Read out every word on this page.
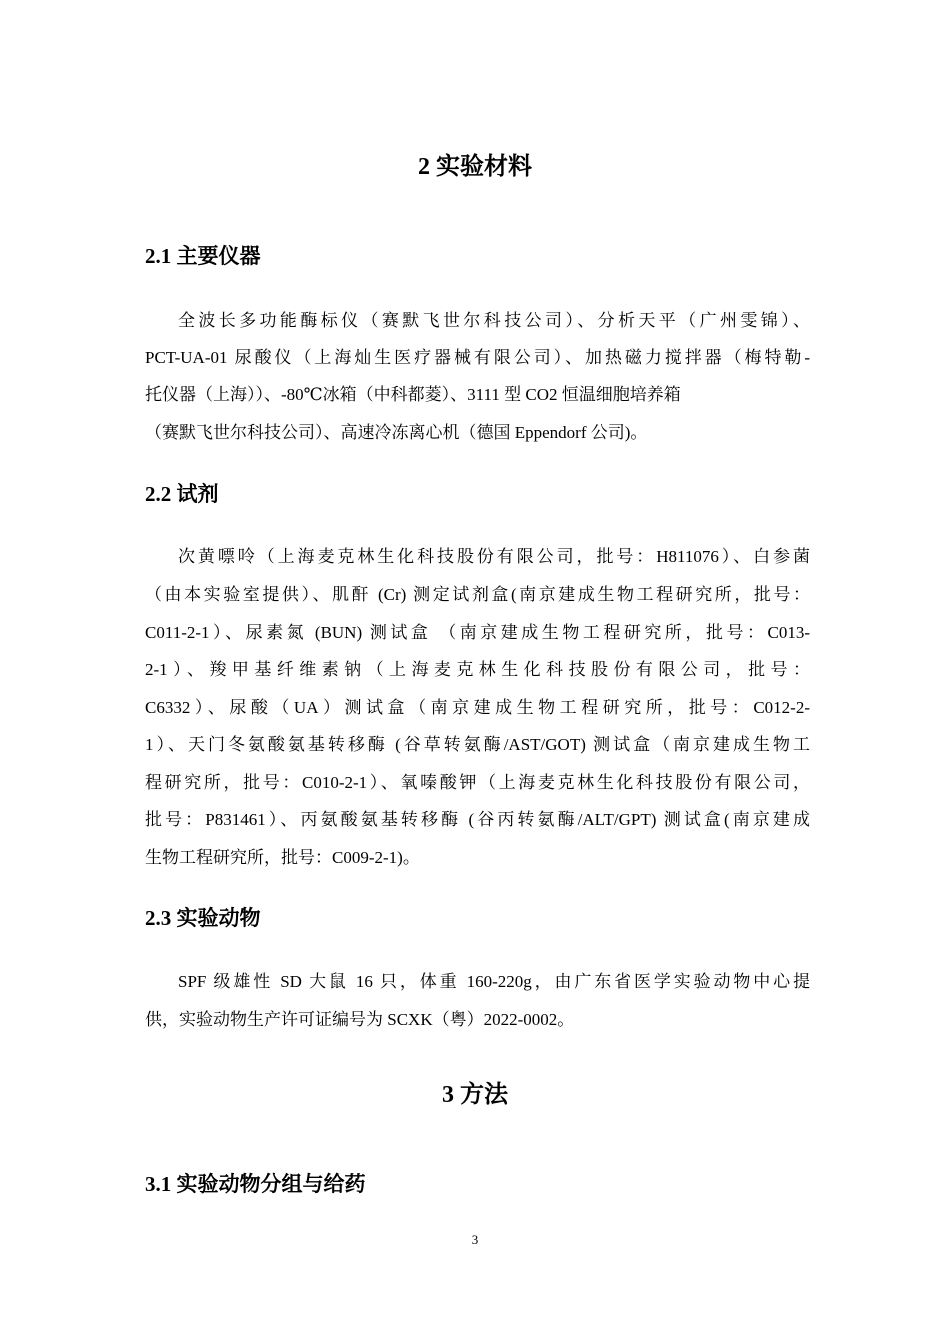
2 实验材料
2.1 主要仪器

全波长多功能酶标仪（赛默飞世尔科技公司）、分析天平（广州雯锦）、

PCT-UA-01 尿酸仪（上海灿生医疗器械有限公司）、加热磁力搅拌器（梅特勒-

托仪器（上海））、-80℃冰箱（中科都菱）、3111 型 CO2 恒温细胞培养箱

（赛默飞世尔科技公司）、高速冷冻离心机（德国 Eppendorf 公司)。

2.2 试剂

次黄嘌呤（上海麦克林生化科技股份有限公司，批号：H811076）、白参菌

（由本实验室提供）、肌酐 (Cr) 测定试剂盒(南京建成生物工程研究所，批号：

C011-2-1）、尿素氮 (BUN) 测试盒 （南京建成生物工程研究所，批号：C013-

2-1）、羧甲基纤维素钠（上海麦克林生化科技股份有限公司，批号：

C6332）、尿酸（UA）测试盒（南京建成生物工程研究所，批号：C012-2-

1）、天门冬氨酸氨基转移酶 (谷草转氨酶/AST/GOT) 测试盒（南京建成生物工

程研究所，批号：C010-2-1）、氧嗪酸钾（上海麦克林生化科技股份有限公司，

批号：P831461）、丙氨酸氨基转移酶 (谷丙转氨酶/ALT/GPT) 测试盒(南京建成

生物工程研究所，批号：C009-2-1)。

2.3 实验动物

SPF 级雄性 SD 大鼠 16 只，体重 160-220g，由广东省医学实验动物中心提

供，实验动物生产许可证编号为 SCXK（粤）2022-0002。

3 方法
3.1 实验动物分组与给药

3
